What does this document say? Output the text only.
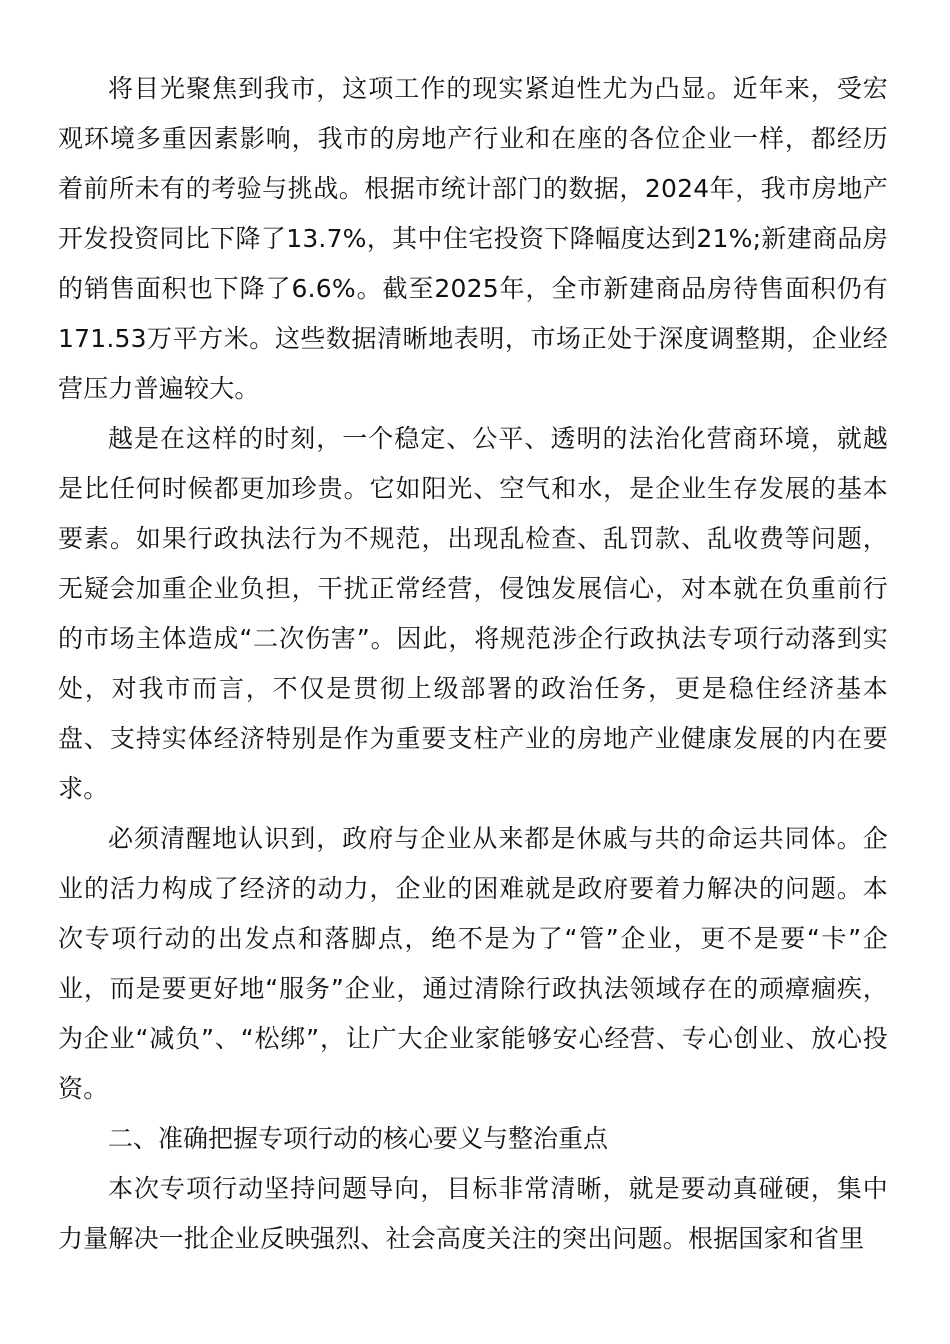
将目光聚焦到我市，这项工作的现实紧迫性尤为凸显。近年来，受宏观环境多重因素影响，我市的房地产行业和在座的各位企业一样，都经历着前所未有的考验与挑战。根据市统计部门的数据，2024年，我市房地产开发投资同比下降了13.7%，其中住宅投资下降幅度达到21%;新建商品房的销售面积也下降了6.6%。截至2025年，全市新建商品房待售面积仍有171.53万平方米。这些数据清晰地表明，市场正处于深度调整期，企业经营压力普遍较大。

越是在这样的时刻，一个稳定、公平、透明的法治化营商环境，就越是比任何时候都更加珍贵。它如阳光、空气和水，是企业生存发展的基本要素。如果行政执法行为不规范，出现乱检查、乱罚款、乱收费等问题，无疑会加重企业负担，干扰正常经营，侵蚀发展信心，对本就在负重前行的市场主体造成“二次伤害”。因此，将规范涉企行政执法专项行动落到实处，对我市而言，不仅是贯彻上级部署的政治任务，更是稳住经济基本盘、支持实体经济特别是作为重要支柱产业的房地产业健康发展的内在要求。

必须清醒地认识到，政府与企业从来都是休戚与共的命运共同体。企业的活力构成了经济的动力，企业的困难就是政府要着力解决的问题。本次专项行动的出发点和落脚点，绝不是为了“管”企业，更不是要“卡”企业，而是要更好地“服务”企业，通过清除行政执法领域存在的顽瘴痼疾，为企业“减负”、“松绑”，让广大企业家能够安心经营、专心创业、放心投资。

二、准确把握专项行动的核心要义与整治重点

本次专项行动坚持问题导向，目标非常清晰，就是要动真碰硬，集中力量解决一批企业反映强烈、社会高度关注的突出问题。根据国家和省里
